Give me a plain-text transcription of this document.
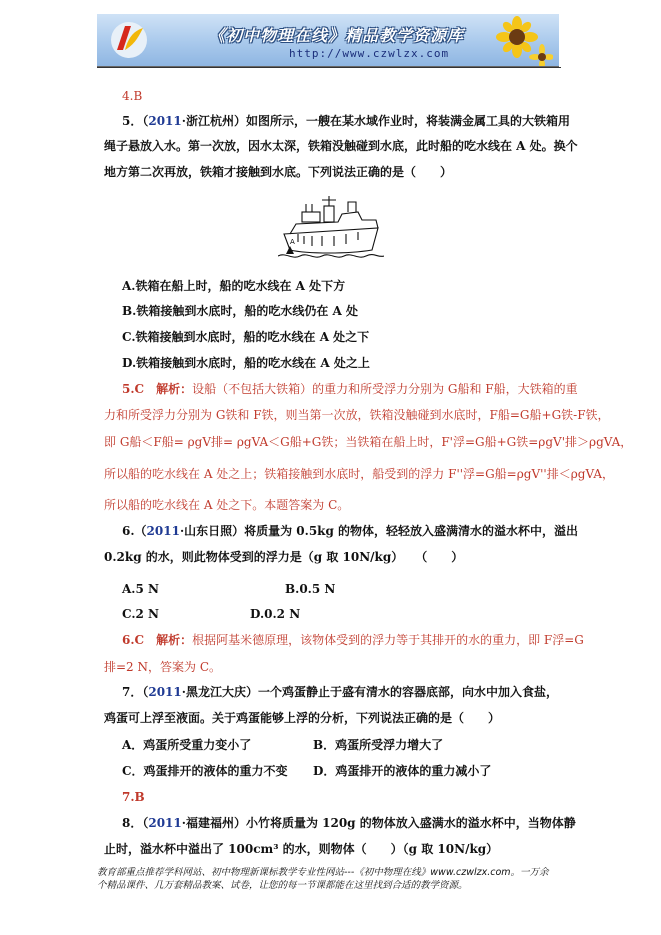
《初中物理在线》精品教学资源库
http://www.czwlzx.com
4.B
5．（2011·浙江杭州）如图所示，一艘在某水域作业时，将装满金属工具的大铁箱用
绳子悬放入水。第一次放，因水太深，铁箱没触碰到水底，此时船的吃水线在 A 处。换个
地方第二次再放，铁箱才接触到水底。下列说法正确的是（　　）
A
A.铁箱在船上时，船的吃水线在 A 处下方
B.铁箱接触到水底时，船的吃水线仍在 A 处
C.铁箱接触到水底时，船的吃水线在 A 处之下
D.铁箱接触到水底时，船的吃水线在 A 处之上
5.C　解析：设船（不包括大铁箱）的重力和所受浮力分别为 G船和 F船，大铁箱的重
力和所受浮力分别为 G铁和 F铁，则当第一次放，铁箱没触碰到水底时，F船=G船+G铁-F铁，
即 G船＜F船= ρgV排= ρgVA＜G船+G铁；当铁箱在船上时，F'浮=G船+G铁=ρgV'排＞ρgVA，
所以船的吃水线在 A 处之上；铁箱接触到水底时，船受到的浮力 F''浮=G船=ρgV''排＜ρgVA，
所以船的吃水线在 A 处之下。本题答案为 C。
6.（2011·山东日照）将质量为 0.5kg 的物体，轻轻放入盛满清水的溢水杯中，溢出
0.2kg 的水，则此物体受到的浮力是（g 取 10N/kg）　　（　　）
A.5 N	B.0.5 N
C.2 N	D.0.2 N
6.C　解析：根据阿基米德原理，该物体受到的浮力等于其排开的水的重力，即 F浮=G
排=2 N，答案为 C。
7．（2011·黑龙江大庆）一个鸡蛋静止于盛有清水的容器底部，向水中加入食盐，
鸡蛋可上浮至液面。关于鸡蛋能够上浮的分析，下列说法正确的是（　　）
A．鸡蛋所受重力变小了	B．鸡蛋所受浮力增大了
C．鸡蛋排开的液体的重力不变 D．鸡蛋排开的液体的重力减小了
7.B
8．（2011·福建福州）小竹将质量为 120g 的物体放入盛满水的溢水杯中，当物体静
止时，溢水杯中溢出了 100cm³ 的水，则物体（　　）（g 取 10N/kg）
教育部重点推荐学科网站、初中物理新课标教学专业性网站---《初中物理在线》www.czwlzx.com。一万余
个精品课件、几万套精品教案、试卷，让您的每一节课都能在这里找到合适的教学资源。
